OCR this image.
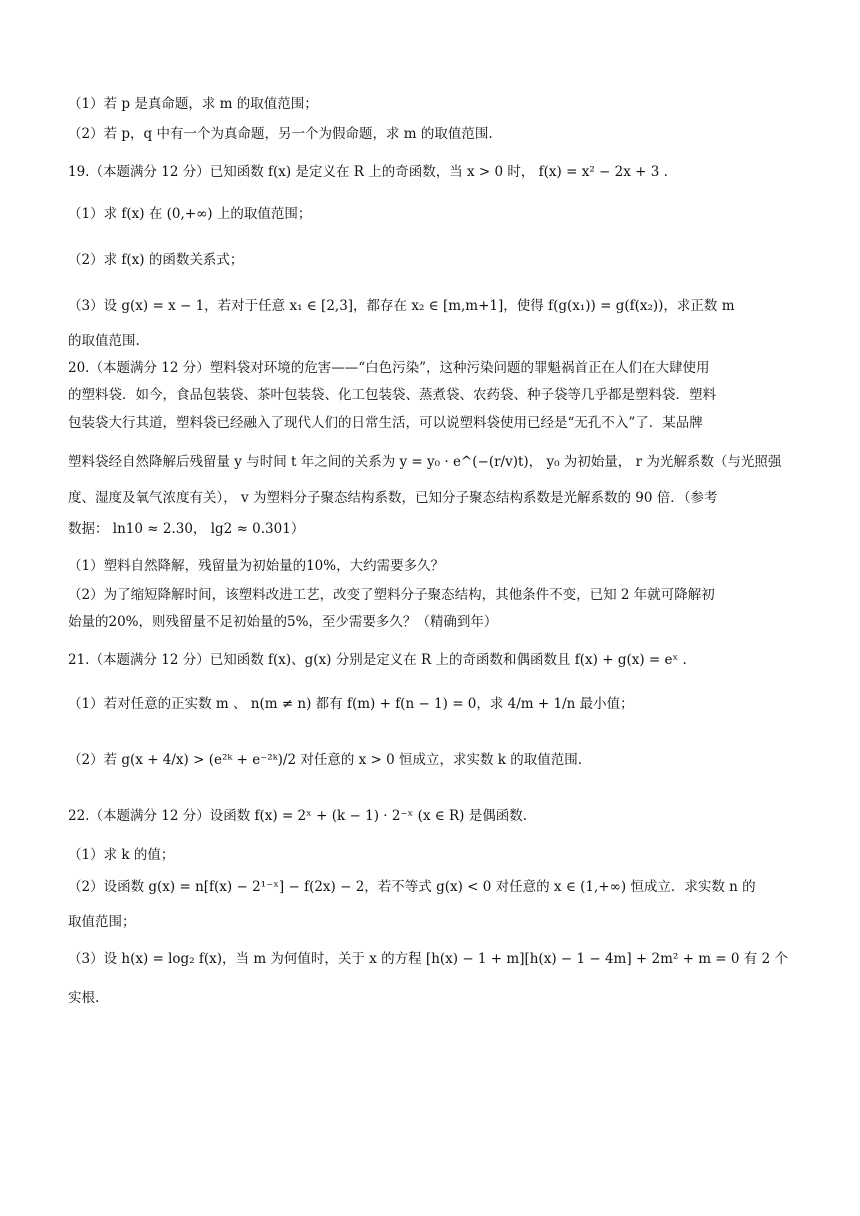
（1）若 p 是真命题，求 m 的取值范围；
（2）若 p，q 中有一个为真命题，另一个为假命题，求 m 的取值范围.
19.（本题满分 12 分）已知函数 f(x) 是定义在 R 上的奇函数，当 x > 0 时， f(x) = x² − 2x + 3 .
（1）求 f(x) 在 (0,+∞) 上的取值范围；
（2）求 f(x) 的函数关系式；
（3）设 g(x) = x − 1，若对于任意 x₁ ∈ [2,3]，都存在 x₂ ∈ [m,m+1]，使得 f(g(x₁)) = g(f(x₂))，求正数 m
的取值范围.
20.（本题满分 12 分）塑料袋对环境的危害——“白色污染”，这种污染问题的罪魁祸首正在人们在大肆使用
的塑料袋．如今，食品包装袋、茶叶包装袋、化工包装袋、蒸煮袋、农药袋、种子袋等几乎都是塑料袋．塑料
包装袋大行其道，塑料袋已经融入了现代人们的日常生活，可以说塑料袋使用已经是“无孔不入”了．某品牌
塑料袋经自然降解后残留量 y 与时间 t 年之间的关系为 y = y₀ · e^(−(r/v)t)， y₀ 为初始量， r 为光解系数（与光照强
度、湿度及氧气浓度有关）， v 为塑料分子聚态结构系数，已知分子聚态结构系数是光解系数的 90 倍．（参考
数据： ln10 ≈ 2.30， lg2 ≈ 0.301）
（1）塑料自然降解，残留量为初始量的10%，大约需要多久？
（2）为了缩短降解时间，该塑料改进工艺，改变了塑料分子聚态结构，其他条件不变，已知 2 年就可降解初
始量的20%，则残留量不足初始量的5%，至少需要多久？（精确到年）
21.（本题满分 12 分）已知函数 f(x)、g(x) 分别是定义在 R 上的奇函数和偶函数且 f(x) + g(x) = eˣ .
（1）若对任意的正实数 m 、 n(m ≠ n) 都有 f(m) + f(n − 1) = 0，求 4/m + 1/n 最小值；
（2）若 g(x + 4/x) > (e²ᵏ + e⁻²ᵏ)/2 对任意的 x > 0 恒成立，求实数 k 的取值范围.
22.（本题满分 12 分）设函数 f(x) = 2ˣ + (k − 1) · 2⁻ˣ (x ∈ R) 是偶函数.
（1）求 k 的值；
（2）设函数 g(x) = n[f(x) − 2¹⁻ˣ] − f(2x) − 2，若不等式 g(x) < 0 对任意的 x ∈ (1,+∞) 恒成立．求实数 n 的
取值范围；
（3）设 h(x) = log₂ f(x)，当 m 为何值时，关于 x 的方程 [h(x) − 1 + m][h(x) − 1 − 4m] + 2m² + m = 0 有 2 个
实根.
